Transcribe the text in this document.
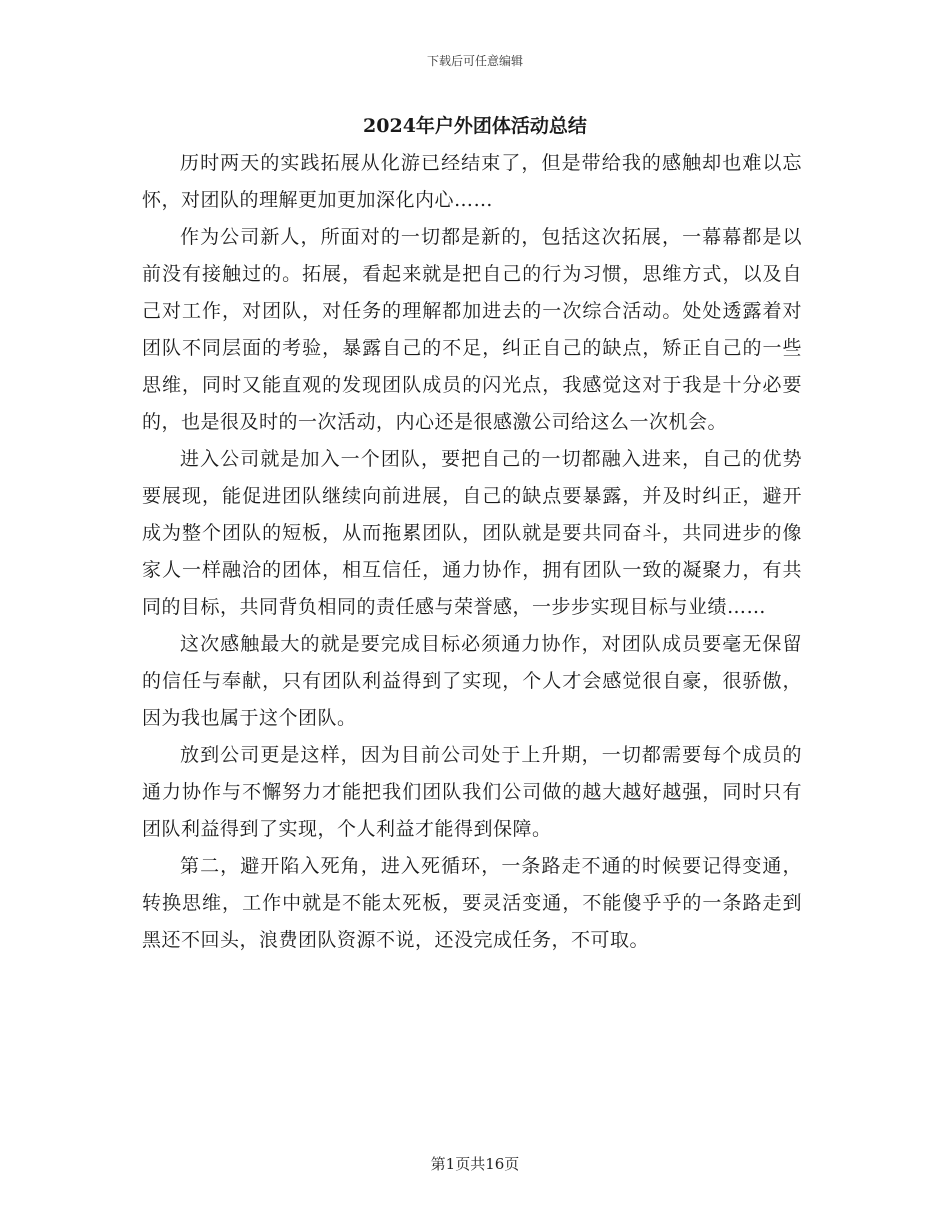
下载后可任意编辑
2024年户外团体活动总结

历时两天的实践拓展从化游已经结束了，但是带给我的感触却也难以忘怀，对团队的理解更加更加深化内心……

作为公司新人，所面对的一切都是新的，包括这次拓展，一幕幕都是以前没有接触过的。拓展，看起来就是把自己的行为习惯，思维方式，以及自己对工作，对团队，对任务的理解都加进去的一次综合活动。处处透露着对团队不同层面的考验，暴露自己的不足，纠正自己的缺点，矫正自己的一些思维，同时又能直观的发现团队成员的闪光点，我感觉这对于我是十分必要的，也是很及时的一次活动，内心还是很感激公司给这么一次机会。

进入公司就是加入一个团队，要把自己的一切都融入进来，自己的优势要展现，能促进团队继续向前进展，自己的缺点要暴露，并及时纠正，避开成为整个团队的短板，从而拖累团队，团队就是要共同奋斗，共同进步的像家人一样融洽的团体，相互信任，通力协作，拥有团队一致的凝聚力，有共同的目标，共同背负相同的责任感与荣誉感，一步步实现目标与业绩……

这次感触最大的就是要完成目标必须通力协作，对团队成员要毫无保留的信任与奉献，只有团队利益得到了实现，个人才会感觉很自豪，很骄傲，因为我也属于这个团队。

放到公司更是这样，因为目前公司处于上升期，一切都需要每个成员的通力协作与不懈努力才能把我们团队我们公司做的越大越好越强，同时只有团队利益得到了实现，个人利益才能得到保障。

第二，避开陷入死角，进入死循环，一条路走不通的时候要记得变通，转换思维，工作中就是不能太死板，要灵活变通，不能傻乎乎的一条路走到黑还不回头，浪费团队资源不说，还没完成任务，不可取。

第1页共16页
